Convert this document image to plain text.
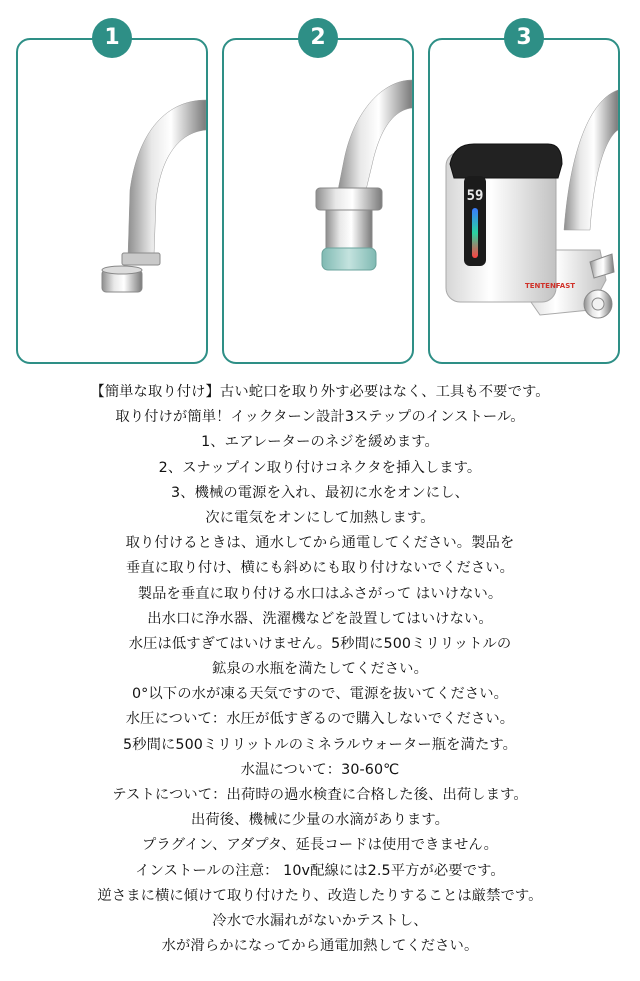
59
TENTENFAST
1	2	3
【簡単な取り付け】古い蛇口を取り外す必要はなく、工具も不要です。
取り付けが簡単！イックターン設計3ステップのインストール。
1、エアレーターのネジを緩めます。
2、スナップイン取り付けコネクタを挿入します。
3、機械の電源を入れ、最初に水をオンにし、
次に電気をオンにして加熱します。
取り付けるときは、通水してから通電してください。製品を
垂直に取り付け、横にも斜めにも取り付けないでください。
製品を垂直に取り付ける水口はふさがって はいけない。
出水口に浄水器、洗濯機などを設置してはいけない。
水圧は低すぎてはいけません。5秒間に500ミリリットルの
鉱泉の水瓶を満たしてください。
0°以下の水が凍る天気ですので、電源を抜いてください。
水圧について：水圧が低すぎるので購入しないでください。
5秒間に500ミリリットルのミネラルウォーター瓶を満たす。
水温について：30-60℃
テストについて：出荷時の過水検査に合格した後、出荷します。
出荷後、機械に少量の水滴があります。
プラグイン、アダプタ、延長コードは使用できません。
インストールの注意： 10v配線には2.5平方が必要です。
逆さまに横に傾けて取り付けたり、改造したりすることは厳禁です。
冷水で水漏れがないかテストし、
水が滑らかになってから通電加熱してください。
